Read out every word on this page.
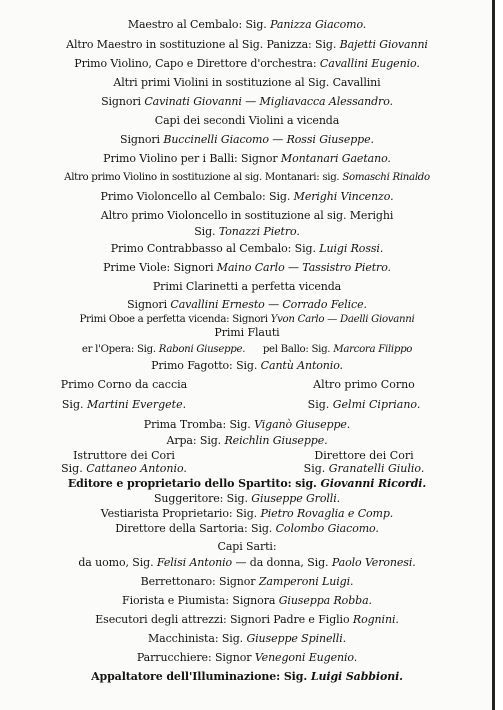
Maestro al Cembalo: Sig. Panizza Giacomo.
Altro Maestro in sostituzione al Sig. Panizza: Sig. Bajetti Giovanni
Primo Violino, Capo e Direttore d'orchestra: Cavallini Eugenio.
Altri primi Violini in sostituzione al Sig. Cavallini
Signori Cavinati Giovanni — Migliavacca Alessandro.
Capi dei secondi Violini a vicenda
Signori Buccinelli Giacomo — Rossi Giuseppe.
Primo Violino per i Balli: Signor Montanari Gaetano.
Altro primo Violino in sostituzione al sig. Montanari: sig. Somaschi Rinaldo
Primo Violoncello al Cembalo: Sig. Merighi Vincenzo.
Altro primo Violoncello in sostituzione al sig. Merighi
Sig. Tonazzi Pietro.
Primo Contrabbasso al Cembalo: Sig. Luigi Rossi.
Prime Viole: Signori Maino Carlo — Tassistro Pietro.
Primi Clarinetti a perfetta vicenda
Signori Cavallini Ernesto — Corrado Felice.
Primi Oboe a perfetta vicenda: Signori Yvon Carlo — Daelli Giovanni
Primi Flauti
er l'Opera: Sig. Raboni Giuseppe. pel Ballo: Sig. Marcora Filippo
Primo Fagotto: Sig. Cantù Antonio.
Primo Corno da caccia	Altro primo Corno
Sig. Martini Evergete.	Sig. Gelmi Cipriano.
Prima Tromba: Sig. Viganò Giuseppe.
Arpa: Sig. Reichlin Giuseppe.
Istruttore dei Cori	Direttore dei Cori
Sig. Cattaneo Antonio.	Sig. Granatelli Giulio.
Editore e proprietario dello Spartito: sig. Giovanni Ricordi.
Suggeritore: Sig. Giuseppe Grolli.
Vestiarista Proprietario: Sig. Pietro Rovaglia e Comp.
Direttore della Sartoria: Sig. Colombo Giacomo.
Capi Sarti:
da uomo, Sig. Felisi Antonio — da donna, Sig. Paolo Veronesi.
Berrettonaro: Signor Zamperoni Luigi.
Fiorista e Piumista: Signora Giuseppa Robba.
Esecutori degli attrezzi: Signori Padre e Figlio Rognini.
Macchinista: Sig. Giuseppe Spinelli.
Parrucchiere: Signor Venegoni Eugenio.
Appaltatore dell'Illuminazione: Sig. Luigi Sabbioni.
